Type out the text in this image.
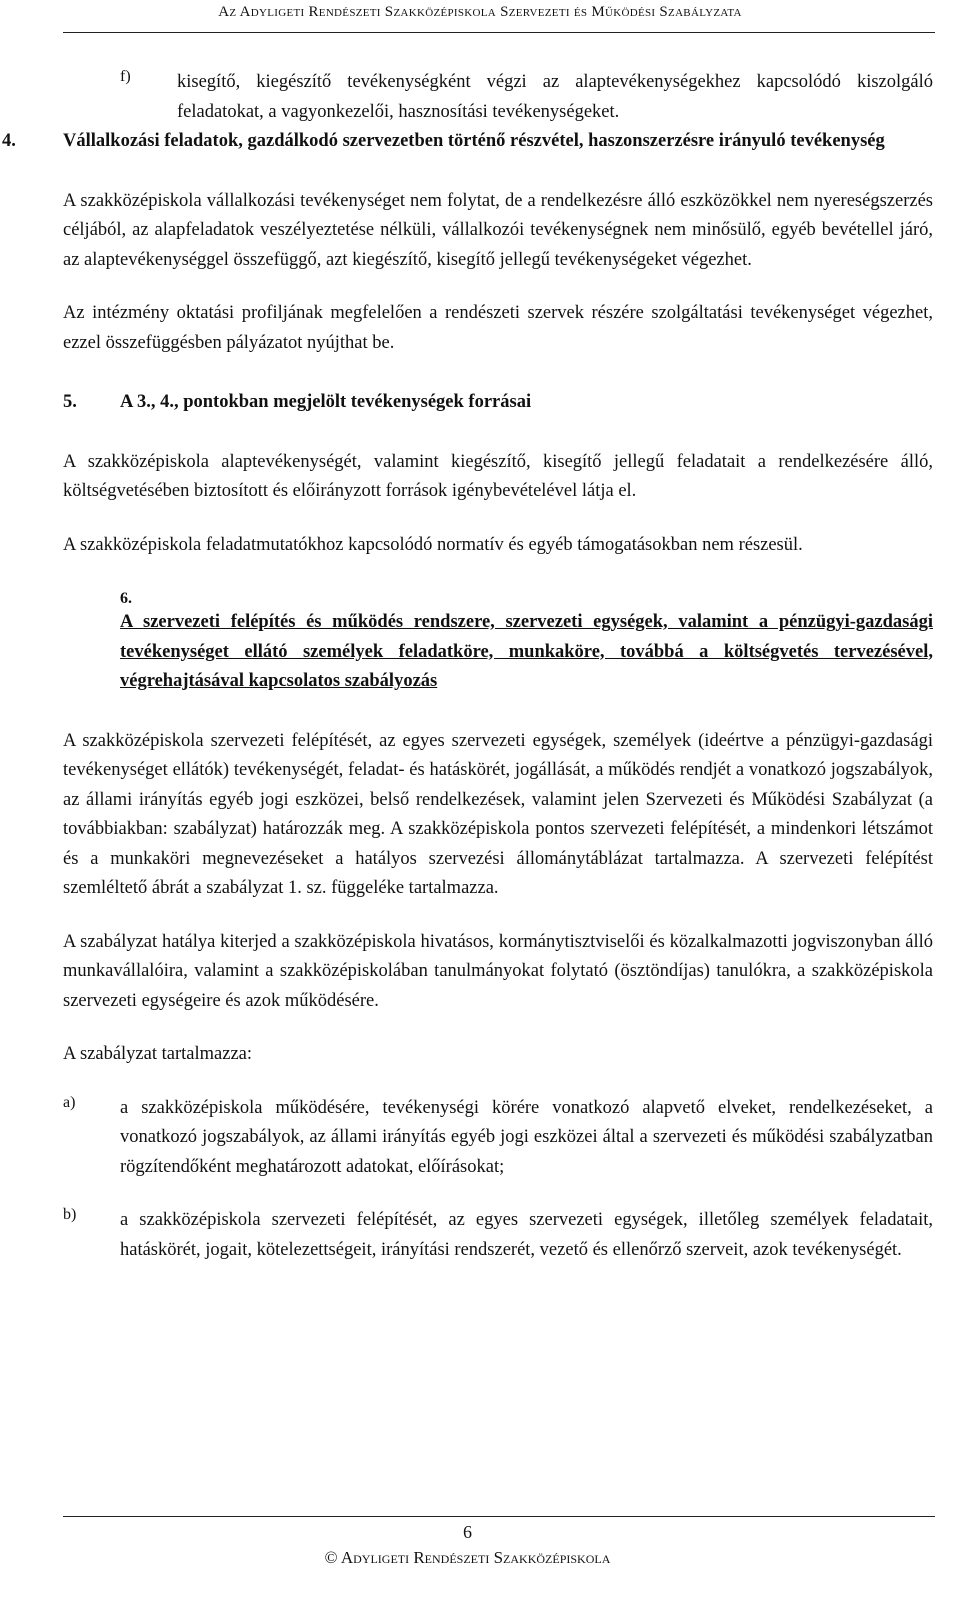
Az Adyligeti Rendészeti Szakközépiskola Szervezeti és Működési Szabályzata
f)	kisegítő, kiegészítő tevékenységként végzi az alaptevékenységekhez kapcsolódó kiszolgáló feladatokat, a vagyonkezelői, hasznosítási tevékenységeket.

4.	Vállalkozási feladatok, gazdálkodó szervezetben történő részvétel, haszonszerzésre irányuló tevékenység

A szakközépiskola vállalkozási tevékenységet nem folytat, de a rendelkezésre álló eszközökkel nem nyereségszerzés céljából, az alapfeladatok veszélyeztetése nélküli, vállalkozói tevékenységnek nem minősülő, egyéb bevétellel járó, az alaptevékenységgel összefüggő, azt kiegészítő, kisegítő jellegű tevékenységeket végezhet.

Az intézmény oktatási profiljának megfelelően a rendészeti szervek részére szolgáltatási tevékenységet végezhet, ezzel összefüggésben pályázatot nyújthat be.

5. A 3., 4., pontokban megjelölt tevékenységek forrásai

A szakközépiskola alaptevékenységét, valamint kiegészítő, kisegítő jellegű feladatait a rendelkezésére álló, költségvetésében biztosított és előirányzott források igénybevételével látja el.

A szakközépiskola feladatmutatókhoz kapcsolódó normatív és egyéb támogatásokban nem részesül.

6.

A szervezeti felépítés és működés rendszere, szervezeti egységek, valamint a pénzügyi-gazdasági tevékenységet ellátó személyek feladatköre, munkaköre, továbbá a költségvetés tervezésével, végrehajtásával kapcsolatos szabályozás

A szakközépiskola szervezeti felépítését, az egyes szervezeti egységek, személyek (ideértve a pénzügyi-gazdasági tevékenységet ellátók) tevékenységét, feladat- és hatáskörét, jogállását, a működés rendjét a vonatkozó jogszabályok, az állami irányítás egyéb jogi eszközei, belső rendelkezések, valamint jelen Szervezeti és Működési Szabályzat (a továbbiakban: szabályzat) határozzák meg. A szakközépiskola pontos szervezeti felépítését, a mindenkori létszámot és a munkaköri megnevezéseket a hatályos szervezési állománytáblázat tartalmazza. A szervezeti felépítést szemléltető ábrát a szabályzat 1. sz. függeléke tartalmazza.

A szabályzat hatálya kiterjed a szakközépiskola hivatásos, kormánytisztviselői és közalkalmazotti jogviszonyban álló munkavállalóira, valamint a szakközépiskolában tanulmányokat folytató (ösztöndíjas) tanulókra, a szakközépiskola szervezeti egységeire és azok működésére.

A szabályzat tartalmazza:

a) a szakközépiskola működésére, tevékenységi körére vonatkozó alapvető elveket, rendelkezéseket, a vonatkozó jogszabályok, az állami irányítás egyéb jogi eszközei által a szervezeti és működési szabályzatban rögzítendőként meghatározott adatokat, előírásokat;

b) a szakközépiskola szervezeti felépítését, az egyes szervezeti egységek, illetőleg személyek feladatait, hatáskörét, jogait, kötelezettségeit, irányítási rendszerét, vezető és ellenőrző szerveit, azok tevékenységét.

6
© Adyligeti Rendészeti Szakközépiskola
